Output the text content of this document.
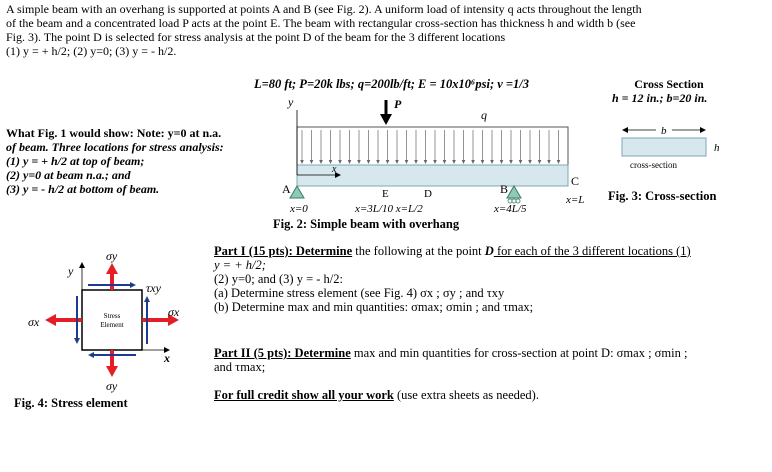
A simple beam with an overhang is supported at points A and B (see Fig. 2). A uniform load of intensity q acts throughout the length
of the beam and a concentrated load P acts at the point E. The beam with rectangular cross-section has thickness h and width b (see
Fig. 3). The point D is selected for stress analysis at the point D of the beam for the 3 different locations
(1) y = + h/2; (2) y=0; (3) y = - h/2.
L=80 ft; P=20k lbs; q=200lb/ft; E = 10x10⁶psi; ν =1/3	Cross Section
h = 12 in.; b=20 in.
What Fig. 1 would show: Note: y=0 at n.a.
of beam. Three locations for stress analysis:
(1) y = + h/2 at top of beam;
(2) y=0 at beam n.a.; and
(3) y = - h/2 at bottom of beam.
y	P
q
x
A	B
C
E	D
x=0	x=3L/10 x=L/2	x=4L/5
x=L
Fig. 2: Simple beam with overhang
b
h
cross-section
Fig. 3: Cross-section
y
x
Stress
Element
σy
σy
σx
σx
τxy
Fig. 4: Stress element
Part I (15 pts): Determine the following at the point D for each of the 3 different locations (1)
y = + h/2;
(2) y=0; and (3) y = - h/2:
(a) Determine stress element (see Fig. 4) σx ; σy ; and τxy
(b) Determine max and min quantities: σmax; σmin ; and τmax;
Part II (5 pts): Determine max and min quantities for cross-section at point D: σmax ; σmin ;
and τmax;
For full credit show all your work (use extra sheets as needed).
